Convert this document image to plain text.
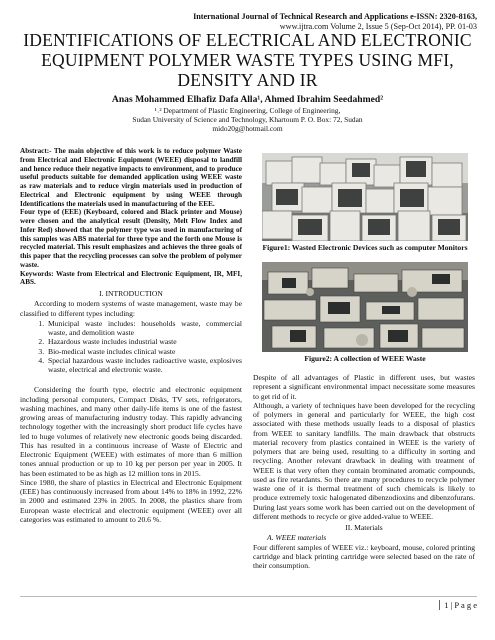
International Journal of Technical Research and Applications e-ISSN: 2320-8163,
www.ijtra.com Volume 2, Issue 5 (Sep-Oct 2014), PP. 01-03
IDENTIFICATIONS OF ELECTRICAL AND ELECTRONIC EQUIPMENT POLYMER WASTE TYPES USING MFI, DENSITY AND IR
Anas Mohammed Elhafiz Dafa Alla¹, Ahmed Ibrahim Seedahmed²
¹˒² Department of Plastic Engineering, College of Engineering,
Sudan University of Science and Technology, Khartoum P. O. Box: 72, Sudan
mido20g@hotmail.com

Abstract:- The main objective of this work is to reduce polymer Waste from Electrical and Electronic Equipment (WEEE) disposal to landfill and hence reduce their negative impacts to environment, and to produce useful products suitable for demanded application using WEEE waste as raw materials and to reduce virgin materials used in production of Electrical and Electronic equipment by using WEEE through Identifications the materials used in manufacturing of the EEE.

Four type of (EEE) (Keyboard, colored and Black printer and Mouse) were chosen and the analytical result (Density, Melt Flow Index and Infer Red) showed that the polymer type was used in manufacturing of this samples was ABS material for three type and the forth one Mouse is recycled material. This result emphasizes and achieves the three goals of this paper that the recycling processes can solve the problem of polymer waste.

Keywords: Waste from Electrical and Electronic Equipment, IR, MFI, ABS.

I. INTRODUCTION

According to modern systems of waste management, waste may be classified to different types including:

1. Municipal waste includes: households waste, commercial waste, and demolition waste
2. Hazardous waste includes industrial waste
3. Bio-medical waste includes clinical waste
4. Special hazardous waste includes radioactive waste, explosives waste, electrical and electronic waste.

Considering the fourth type, electric and electronic equipment including personal computers, Compact Disks, TV sets, refrigerators, washing machines, and many other daily-life items is one of the fastest growing areas of manufacturing industry today. This rapidly advancing technology together with the increasingly short product life cycles have led to huge volumes of relatively new electronic goods being discarded. This has resulted in a continuous increase of Waste of Electric and Electronic Equipment (WEEE) with estimates of more than 6 million tones annual production or up to 10 kg per person per year in 2005. It has been estimated to be as high as 12 million tons in 2015.

Since 1980, the share of plastics in Electrical and Electronic Equipment (EEE) has continuously increased from about 14% to 18% in 1992, 22% in 2000 and estimated 23% in 2005. In 2008, the plastics share from European waste electrical and electronic equipment (WEEE) over all categories was estimated to amount to 20.6 %.

Figure1: Wasted Electronic Devices such as computer Monitors
Figure2: A collection of WEEE Waste

Despite of all advantages of Plastic in different uses, but wastes represent a significant environmental impact necessitate some measures to get rid of it.

Although, a variety of techniques have been developed for the recycling of polymers in general and particularly for WEEE, the high cost associated with these methods usually leads to a disposal of plastics from WEEE to sanitary landfills. The main drawback that obstructs material recovery from plastics contained in WEEE is the variety of polymers that are being used, resulting to a difficulty in sorting and recycling. Another relevant drawback in dealing with treatment of WEEE is that very often they contain brominated aromatic compounds, used as fire retardants. So there are many procedures to recycle polymer waste one of it is thermal treatment of such chemicals is likely to produce extremely toxic halogenated dibenzodioxins and dibenzofurans. During last years some work has been carried out on the development of different methods to recycle or give added-value to WEEE.

II. Materials

A. WEEE materials

Four different samples of WEEE viz.: keyboard, mouse, colored printing cartridge and black printing cartridge were selected based on the rate of their consumption.

1 | P a g e
